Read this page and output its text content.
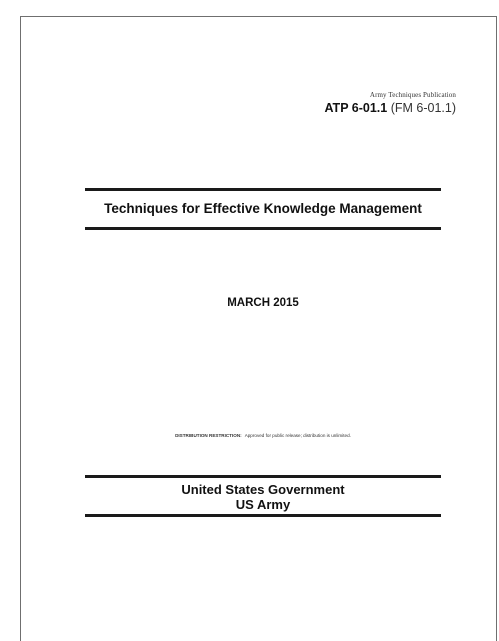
Army Techniques Publication
ATP 6-01.1 (FM 6-01.1)
Techniques for Effective Knowledge Management
MARCH 2015
DISTRIBUTION RESTRICTION: Approved for public release; distribution is unlimited.
United States Government
US Army
